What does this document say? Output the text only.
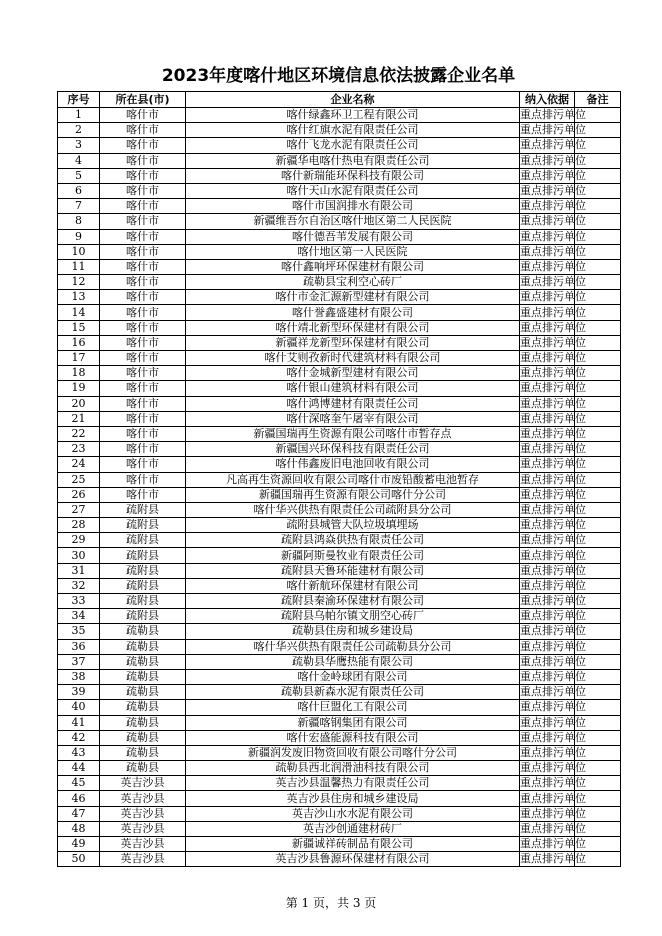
2023年度喀什地区环境信息依法披露企业名单
序号	所在县(市)	企业名称	纳入依据	备注
1	喀什市	喀什绿鑫环卫工程有限公司	重点排污单位	
2	喀什市	喀什红旗水泥有限责任公司	重点排污单位	
3	喀什市	喀什飞龙水泥有限责任公司	重点排污单位	
4	喀什市	新疆华电喀什热电有限责任公司	重点排污单位	
5	喀什市	喀什新瑞能环保科技有限公司	重点排污单位	
6	喀什市	喀什天山水泥有限责任公司	重点排污单位	
7	喀什市	喀什市国润排水有限公司	重点排污单位	
8	喀什市	新疆维吾尔自治区喀什地区第二人民医院	重点排污单位	
9	喀什市	喀什德吾苇发展有限公司	重点排污单位	
10	喀什市	喀什地区第一人民医院	重点排污单位	
11	喀什市	喀什鑫响坪环保建材有限公司	重点排污单位	
12	喀什市	疏勒县宝利空心砖厂	重点排污单位	
13	喀什市	喀什市金汇源新型建材有限公司	重点排污单位	
14	喀什市	喀什誉鑫盛建材有限公司	重点排污单位	
15	喀什市	喀什靖北新型环保建材有限公司	重点排污单位	
16	喀什市	新疆祥龙新型环保建材有限公司	重点排污单位	
17	喀什市	喀什艾则孜新时代建筑材料有限公司	重点排污单位	
18	喀什市	喀什金城新型建材有限公司	重点排污单位	
19	喀什市	喀什银山建筑材料有限公司	重点排污单位	
20	喀什市	喀什鸿博建材有限责任公司	重点排污单位	
21	喀什市	喀什深喀奎午屠宰有限公司	重点排污单位	
22	喀什市	新疆国瑞再生资源有限公司喀什市暂存点	重点排污单位	
23	喀什市	新疆国兴环保科技有限责任公司	重点排污单位	
24	喀什市	喀什伟鑫废旧电池回收有限公司	重点排污单位	
25	喀什市	凡高再生资源回收有限公司喀什市废铅酸蓄电池暂存	重点排污单位	
26	喀什市	新疆国瑞再生资源有限公司喀什分公司	重点排污单位	
27	疏附县	喀什华兴供热有限责任公司疏附县分公司	重点排污单位	
28	疏附县	疏附县城管大队垃圾填埋场	重点排污单位	
29	疏附县	疏附县鸿焱供热有限责任公司	重点排污单位	
30	疏附县	新疆阿斯曼牧业有限责任公司	重点排污单位	
31	疏附县	疏附县天鲁环能建材有限公司	重点排污单位	
32	疏附县	喀什新航环保建材有限公司	重点排污单位	
33	疏附县	疏附县秦渝环保建材有限公司	重点排污单位	
34	疏附县	疏附县乌帕尔镇文朋空心砖厂	重点排污单位	
35	疏勒县	疏勒县住房和城乡建设局	重点排污单位	
36	疏勒县	喀什华兴供热有限责任公司疏勒县分公司	重点排污单位	
37	疏勒县	疏勒县华鹰热能有限公司	重点排污单位	
38	疏勒县	喀什金岭球团有限公司	重点排污单位	
39	疏勒县	疏勒县新森水泥有限责任公司	重点排污单位	
40	疏勒县	喀什巨盟化工有限公司	重点排污单位	
41	疏勒县	新疆喀钢集团有限公司	重点排污单位	
42	疏勒县	喀什宏盛能源科技有限公司	重点排污单位	
43	疏勒县	新疆润发废旧物资回收有限公司喀什分公司	重点排污单位	
44	疏勒县	疏勒县西北润滑油科技有限公司	重点排污单位	
45	英吉沙县	英吉沙县温馨热力有限责任公司	重点排污单位	
46	英吉沙县	英吉沙县住房和城乡建设局	重点排污单位	
47	英吉沙县	英吉沙山水水泥有限公司	重点排污单位	
48	英吉沙县	英吉沙创通建材砖厂	重点排污单位	
49	英吉沙县	新疆诚祥砖制品有限公司	重点排污单位	
50	英吉沙县	英吉沙县鲁源环保建材有限公司	重点排污单位	
第 1 页，共 3 页
